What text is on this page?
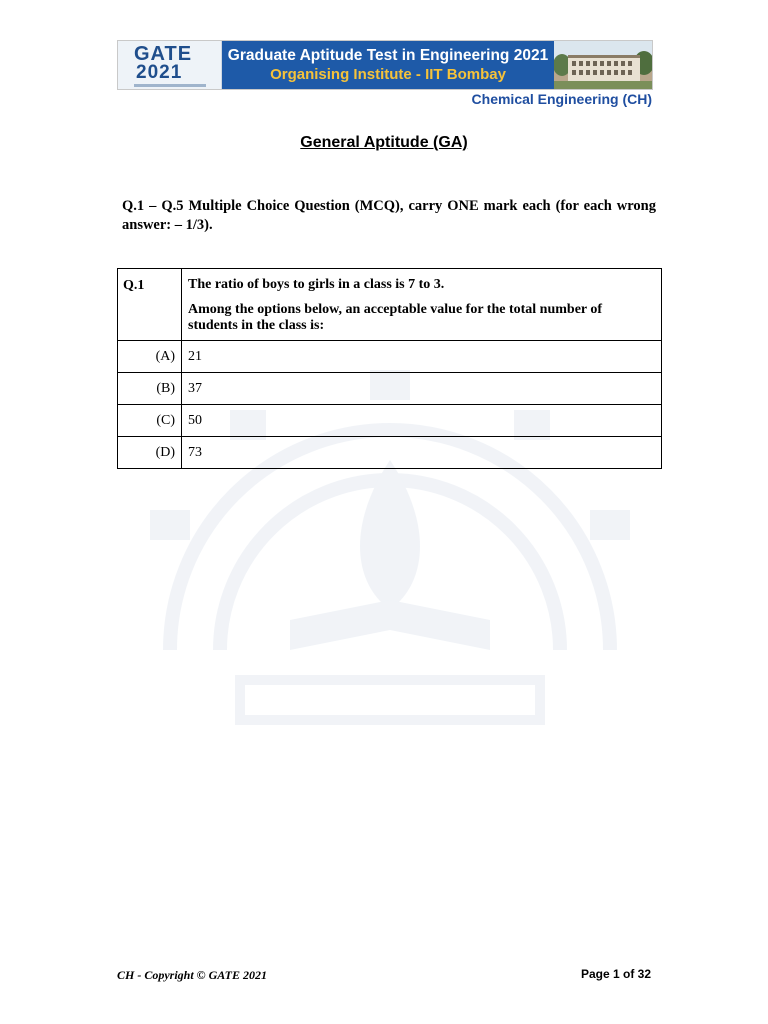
GATE
2021
Graduate Aptitude Test in Engineering 2021
Organising Institute - IIT Bombay
Chemical Engineering (CH)
General Aptitude (GA)
Q.1 – Q.5 Multiple Choice Question (MCQ), carry ONE mark each (for each wrong answer: – 1/3).
Q.1	The ratio of boys to girls in a class is 7 to 3.

Among the options below, an acceptable value for the total number of students in the class is:

(A)	21
(B)	37
(C)	50
(D)	73
CH - Copyright © GATE 2021	Page 1 of 32
